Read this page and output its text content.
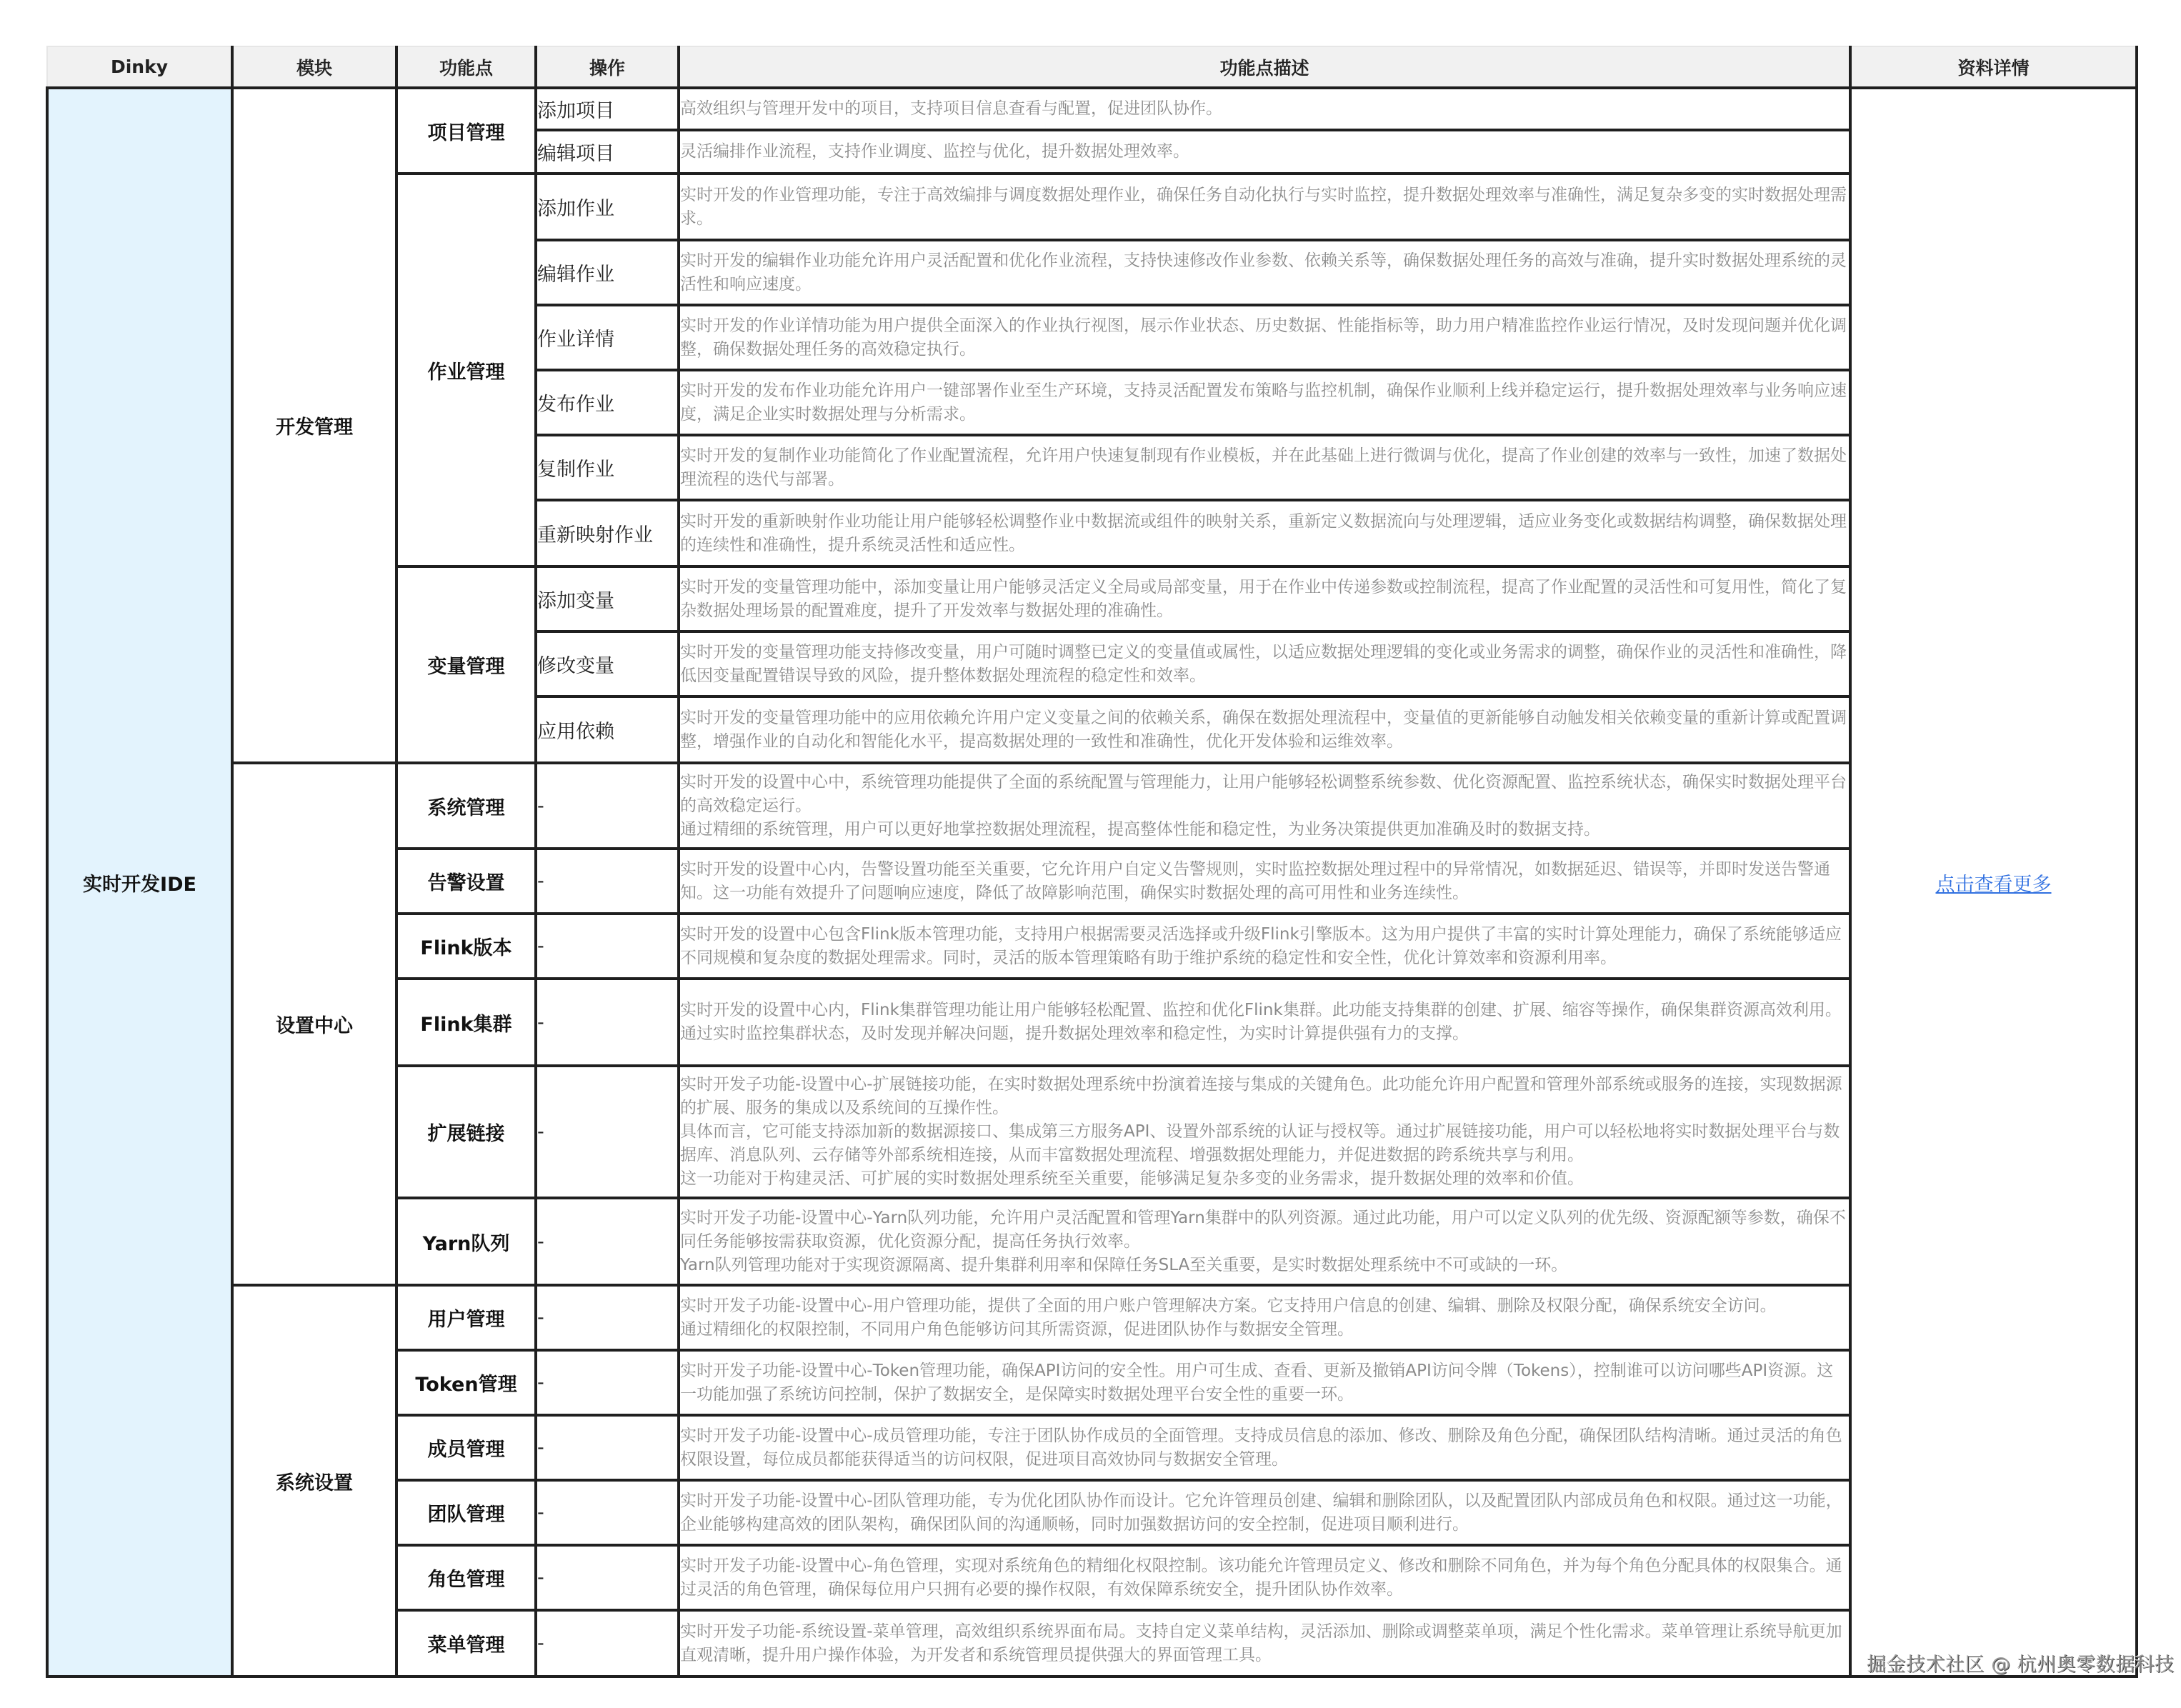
Dinky	模块	功能点	操作	功能点描述	资料详情
实时开发IDE	开发管理	项目管理	添加项目	高效组织与管理开发中的项目，支持项目信息查看与配置，促进团队协作。	点击查看更多
			编辑项目	灵活编排作业流程，支持作业调度、监控与优化，提升数据处理效率。	

		作业管理	添加作业	实时开发的作业管理功能，专注于高效编排与调度数据处理作业，确保任务自动化执行与实时监控，提升数据处理效率与准确性，满足复杂多变的实时数据处理需求。	

			编辑作业	实时开发的编辑作业功能允许用户灵活配置和优化作业流程，支持快速修改作业参数、依赖关系等，确保数据处理任务的高效与准确，提升实时数据处理系统的灵活性和响应速度。	

			作业详情	实时开发的作业详情功能为用户提供全面深入的作业执行视图，展示作业状态、历史数据、性能指标等，助力用户精准监控作业运行情况，及时发现问题并优化调整，确保数据处理任务的高效稳定执行。	

			发布作业	实时开发的发布作业功能允许用户一键部署作业至生产环境，支持灵活配置发布策略与监控机制，确保作业顺利上线并稳定运行，提升数据处理效率与业务响应速度，满足企业实时数据处理与分析需求。	

			复制作业	实时开发的复制作业功能简化了作业配置流程，允许用户快速复制现有作业模板，并在此基础上进行微调与优化，提高了作业创建的效率与一致性，加速了数据处理流程的迭代与部署。	

			重新映射作业	实时开发的重新映射作业功能让用户能够轻松调整作业中数据流或组件的映射关系，重新定义数据流向与处理逻辑，适应业务变化或数据结构调整，确保数据处理的连续性和准确性，提升系统灵活性和适应性。	

		变量管理	添加变量	实时开发的变量管理功能中，添加变量让用户能够灵活定义全局或局部变量，用于在作业中传递参数或控制流程，提高了作业配置的灵活性和可复用性，简化了复杂数据处理场景的配置难度，提升了开发效率与数据处理的准确性。	

			修改变量	实时开发的变量管理功能支持修改变量，用户可随时调整已定义的变量值或属性，以适应数据处理逻辑的变化或业务需求的调整，确保作业的灵活性和准确性，降低因变量配置错误导致的风险，提升整体数据处理流程的稳定性和效率。	

			应用依赖	实时开发的变量管理功能中的应用依赖允许用户定义变量之间的依赖关系，确保在数据处理流程中，变量值的更新能够自动触发相关依赖变量的重新计算或配置调整，增强作业的自动化和智能化水平，提高数据处理的一致性和准确性，优化开发体验和运维效率。	

	设置中心	系统管理	-	实时开发的设置中心中，系统管理功能提供了全面的系统配置与管理能力，让用户能够轻松调整系统参数、优化资源配置、监控系统状态，确保实时数据处理平台的高效稳定运行。
通过精细的系统管理，用户可以更好地掌控数据处理流程，提高整体性能和稳定性，为业务决策提供更加准确及时的数据支持。	

		告警设置	-	实时开发的设置中心内，告警设置功能至关重要，它允许用户自定义告警规则，实时监控数据处理过程中的异常情况，如数据延迟、错误等，并即时发送告警通知。这一功能有效提升了问题响应速度，降低了故障影响范围，确保实时数据处理的高可用性和业务连续性。	

		Flink版本	-	实时开发的设置中心包含Flink版本管理功能，支持用户根据需要灵活选择或升级Flink引擎版本。这为用户提供了丰富的实时计算处理能力，确保了系统能够适应不同规模和复杂度的数据处理需求。同时，灵活的版本管理策略有助于维护系统的稳定性和安全性，优化计算效率和资源利用率。	

		Flink集群	-	实时开发的设置中心内，Flink集群管理功能让用户能够轻松配置、监控和优化Flink集群。此功能支持集群的创建、扩展、缩容等操作，确保集群资源高效利用。
通过实时监控集群状态，及时发现并解决问题，提升数据处理效率和稳定性，为实时计算提供强有力的支撑。	

		扩展链接	-	实时开发子功能-设置中心-扩展链接功能，在实时数据处理系统中扮演着连接与集成的关键角色。此功能允许用户配置和管理外部系统或服务的连接，实现数据源的扩展、服务的集成以及系统间的互操作性。
具体而言，它可能支持添加新的数据源接口、集成第三方服务API、设置外部系统的认证与授权等。通过扩展链接功能，用户可以轻松地将实时数据处理平台与数据库、消息队列、云存储等外部系统相连接，从而丰富数据处理流程、增强数据处理能力，并促进数据的跨系统共享与利用。
这一功能对于构建灵活、可扩展的实时数据处理系统至关重要，能够满足复杂多变的业务需求，提升数据处理的效率和价值。	

		Yarn队列	-	实时开发子功能-设置中心-Yarn队列功能，允许用户灵活配置和管理Yarn集群中的队列资源。通过此功能，用户可以定义队列的优先级、资源配额等参数，确保不同任务能够按需获取资源，优化资源分配，提高任务执行效率。
Yarn队列管理功能对于实现资源隔离、提升集群利用率和保障任务SLA至关重要，是实时数据处理系统中不可或缺的一环。	

	系统设置	用户管理	-	实时开发子功能-设置中心-用户管理功能，提供了全面的用户账户管理解决方案。它支持用户信息的创建、编辑、删除及权限分配，确保系统安全访问。
通过精细化的权限控制，不同用户角色能够访问其所需资源，促进团队协作与数据安全管理。	

		Token管理	-	实时开发子功能-设置中心-Token管理功能，确保API访问的安全性。用户可生成、查看、更新及撤销API访问令牌（Tokens），控制谁可以访问哪些API资源。这一功能加强了系统访问控制，保护了数据安全，是保障实时数据处理平台安全性的重要一环。	

		成员管理	-	实时开发子功能-设置中心-成员管理功能，专注于团队协作成员的全面管理。支持成员信息的添加、修改、删除及角色分配，确保团队结构清晰。通过灵活的角色权限设置，每位成员都能获得适当的访问权限，促进项目高效协同与数据安全管理。	

		团队管理	-	实时开发子功能-设置中心-团队管理功能，专为优化团队协作而设计。它允许管理员创建、编辑和删除团队，以及配置团队内部成员角色和权限。通过这一功能，企业能够构建高效的团队架构，确保团队间的沟通顺畅，同时加强数据访问的安全控制，促进项目顺利进行。	

		角色管理	-	实时开发子功能-设置中心-角色管理，实现对系统角色的精细化权限控制。该功能允许管理员定义、修改和删除不同角色，并为每个角色分配具体的权限集合。通过灵活的角色管理，确保每位用户只拥有必要的操作权限，有效保障系统安全，提升团队协作效率。	

		菜单管理	-	实时开发子功能-系统设置-菜单管理，高效组织系统界面布局。支持自定义菜单结构，灵活添加、删除或调整菜单项，满足个性化需求。菜单管理让系统导航更加直观清晰，提升用户操作体验，为开发者和系统管理员提供强大的界面管理工具。		掘金技术社区 @ 杭州奥零数据科技
